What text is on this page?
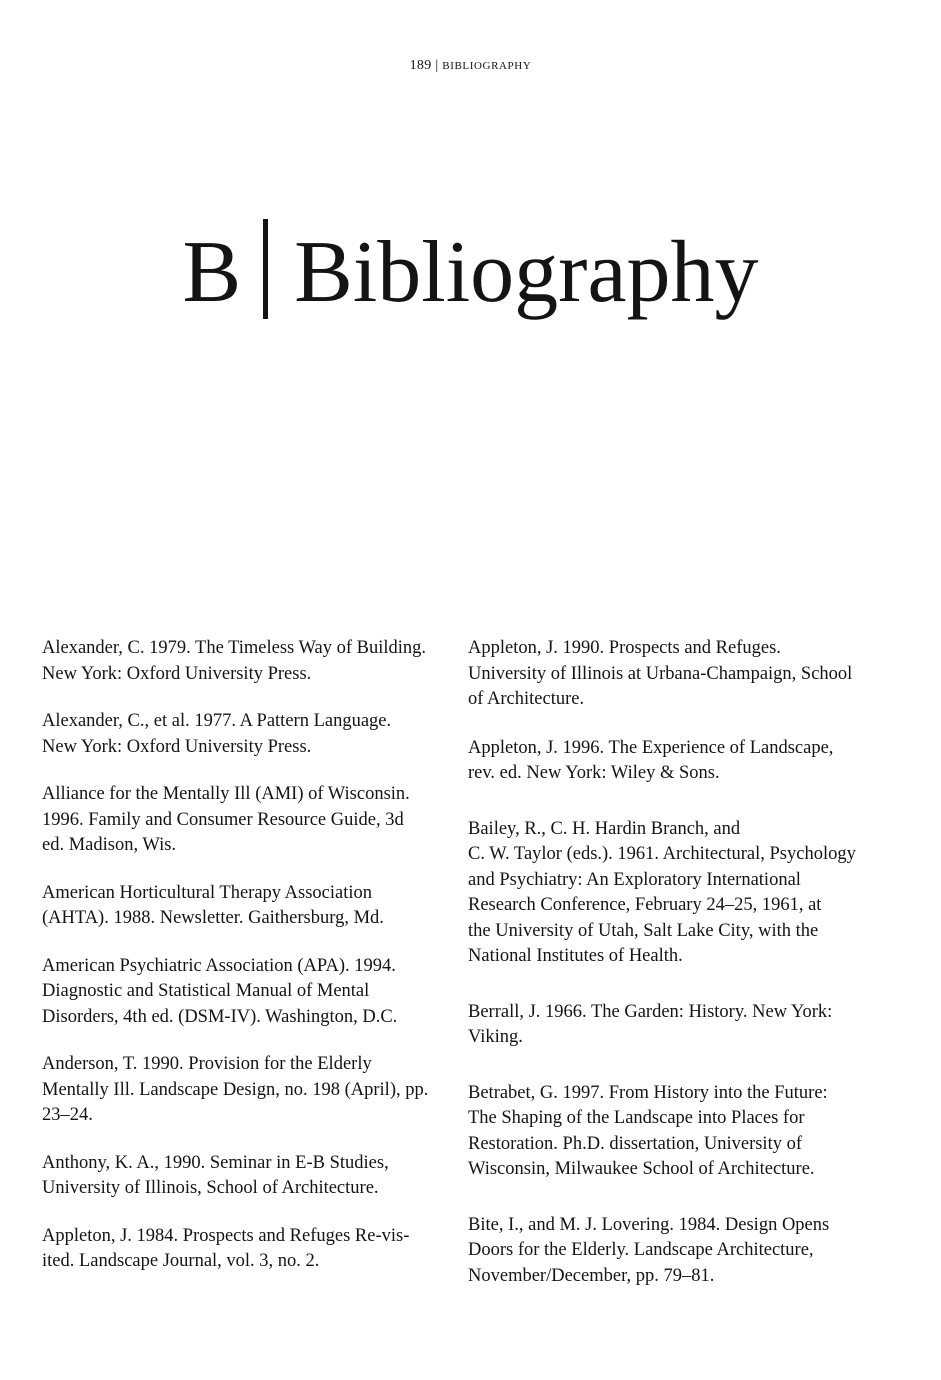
189 | BIBLIOGRAPHY
B Bibliography

Alexander, C. 1979. The Timeless Way of Building.
New York: Oxford University Press.

Alexander, C., et al. 1977. A Pattern Language.
New York: Oxford University Press.

Alliance for the Mentally Ill (AMI) of Wisconsin.
1996. Family and Consumer Resource Guide, 3d
ed. Madison, Wis.

American Horticultural Therapy Association
(AHTA). 1988. Newsletter. Gaithersburg, Md.

American Psychiatric Association (APA). 1994.
Diagnostic and Statistical Manual of Mental
Disorders, 4th ed. (DSM-IV). Washington, D.C.

Anderson, T. 1990. Provision for the Elderly
Mentally Ill. Landscape Design, no. 198 (April), pp.
23–24.

Anthony, K. A., 1990. Seminar in E-B Studies,
University of Illinois, School of Architecture.

Appleton, J. 1984. Prospects and Refuges Re-vis-
ited. Landscape Journal, vol. 3, no. 2.

Appleton, J. 1990. Prospects and Refuges.
University of Illinois at Urbana-Champaign, School
of Architecture.

Appleton, J. 1996. The Experience of Landscape,
rev. ed. New York: Wiley & Sons.

Bailey, R., C. H. Hardin Branch, and
C. W. Taylor (eds.). 1961. Architectural, Psychology
and Psychiatry: An Exploratory International
Research Conference, February 24–25, 1961, at
the University of Utah, Salt Lake City, with the
National Institutes of Health.

Berrall, J. 1966. The Garden: History. New York:
Viking.

Betrabet, G. 1997. From History into the Future:
The Shaping of the Landscape into Places for
Restoration. Ph.D. dissertation, University of
Wisconsin, Milwaukee School of Architecture.

Bite, I., and M. J. Lovering. 1984. Design Opens
Doors for the Elderly. Landscape Architecture,
November/December, pp. 79–81.
